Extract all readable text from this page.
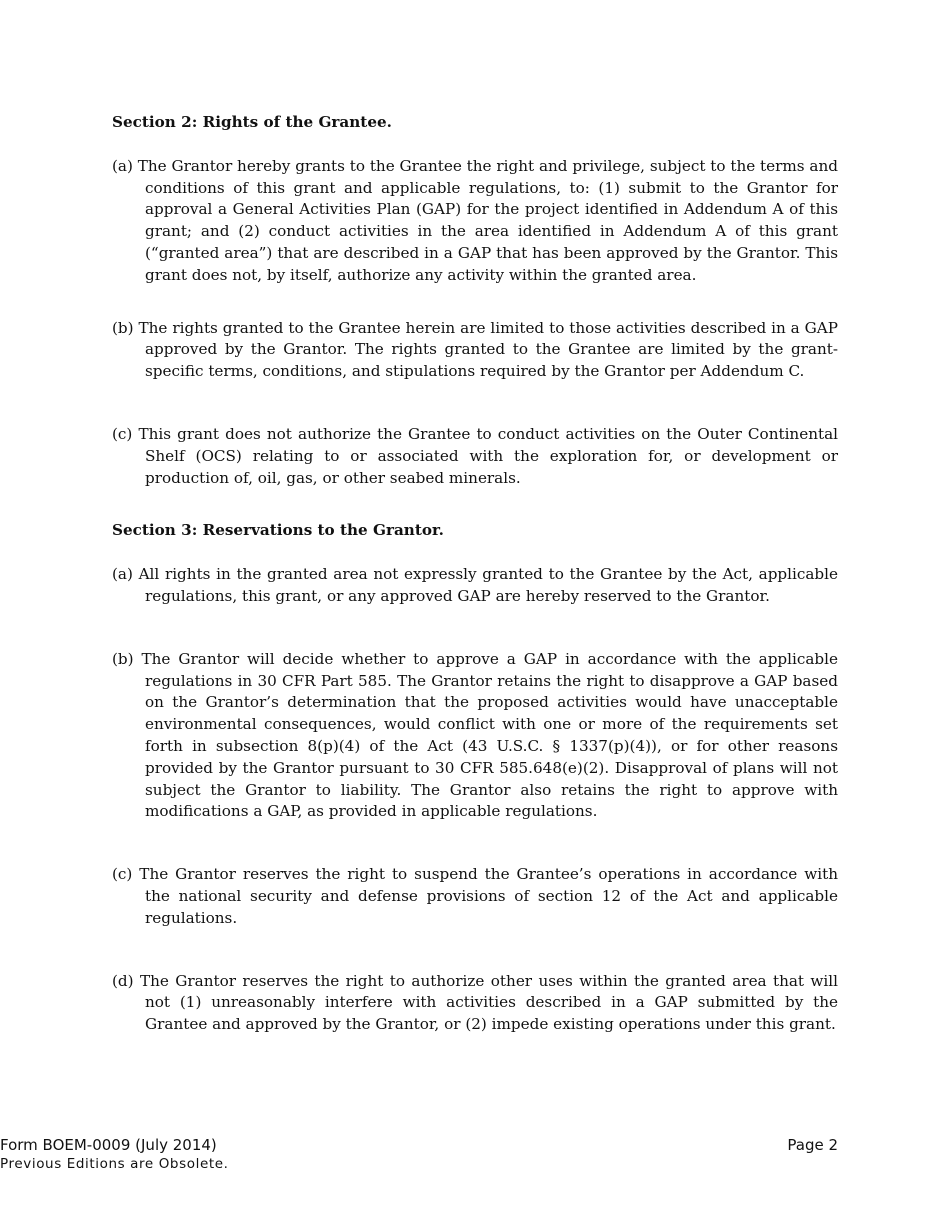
Section 2: Rights of the Grantee.

(a) The Grantor hereby grants to the Grantee the right and privilege, subject to the terms and conditions of this grant and applicable regulations, to: (1) submit to the Grantor for approval a General Activities Plan (GAP) for the project identified in Addendum A of this grant; and (2) conduct activities in the area identified in Addendum A of this grant (“granted area”) that are described in a GAP that has been approved by the Grantor. This grant does not, by itself, authorize any activity within the granted area.

(b) The rights granted to the Grantee herein are limited to those activities described in a GAP approved by the Grantor. The rights granted to the Grantee are limited by the grant-specific terms, conditions, and stipulations required by the Grantor per Addendum C.

(c) This grant does not authorize the Grantee to conduct activities on the Outer Continental Shelf (OCS) relating to or associated with the exploration for, or development or production of, oil, gas, or other seabed minerals.

Section 3: Reservations to the Grantor.

(a) All rights in the granted area not expressly granted to the Grantee by the Act, applicable regulations, this grant, or any approved GAP are hereby reserved to the Grantor.

(b) The Grantor will decide whether to approve a GAP in accordance with the applicable regulations in 30 CFR Part 585. The Grantor retains the right to disapprove a GAP based on the Grantor’s determination that the proposed activities would have unacceptable environmental consequences, would conflict with one or more of the requirements set forth in subsection 8(p)(4) of the Act (43 U.S.C. § 1337(p)(4)), or for other reasons provided by the Grantor pursuant to 30 CFR 585.648(e)(2). Disapproval of plans will not subject the Grantor to liability. The Grantor also retains the right to approve with modifications a GAP, as provided in applicable regulations.

(c) The Grantor reserves the right to suspend the Grantee’s operations in accordance with the national security and defense provisions of section 12 of the Act and applicable regulations.

(d) The Grantor reserves the right to authorize other uses within the granted area that will not (1) unreasonably interfere with activities described in a GAP submitted by the Grantee and approved by the Grantor, or (2) impede existing operations under this grant.

Form BOEM-0009 (July 2014)	Page 2
Previous Editions are Obsolete.
